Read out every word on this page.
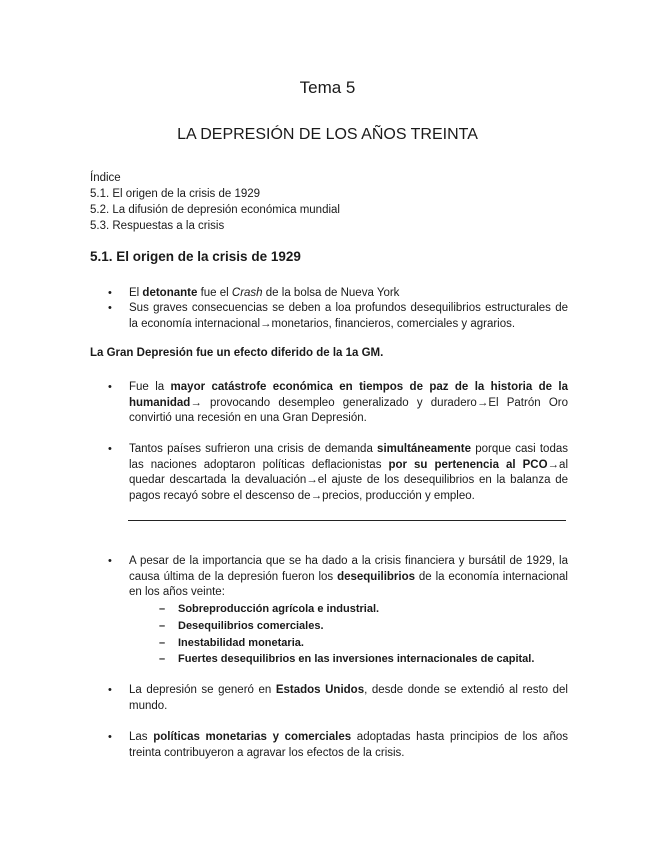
Tema 5
LA DEPRESIÓN DE LOS AÑOS TREINTA
Índice
5.1. El origen de la crisis de 1929
5.2. La difusión de depresión económica mundial
5.3. Respuestas a la crisis
5.1. El origen de la crisis de 1929
• El detonante fue el Crash de la bolsa de Nueva York
• Sus graves consecuencias se deben a loa profundos desequilibrios estructurales de la economía internacional→monetarios, financieros, comerciales y agrarios.
La Gran Depresión fue un efecto diferido de la 1a GM.
• Fue la mayor catástrofe económica en tiempos de paz de la historia de la humanidad→ provocando desempleo generalizado y duradero→El Patrón Oro convirtió una recesión en una Gran Depresión.
• Tantos países sufrieron una crisis de demanda simultáneamente porque casi todas las naciones adoptaron políticas deflacionistas por su pertenencia al PCO→al quedar descartada la devaluación→el ajuste de los desequilibrios en la balanza de pagos recayó sobre el descenso de→precios, producción y empleo.
• A pesar de la importancia que se ha dado a la crisis financiera y bursátil de 1929, la causa última de la depresión fueron los desequilibrios de la economía internacional en los años veinte:
– Sobreproducción agrícola e industrial.
– Desequilibrios comerciales.
– Inestabilidad monetaria.
– Fuertes desequilibrios en las inversiones internacionales de capital.
• La depresión se generó en Estados Unidos, desde donde se extendió al resto del mundo.
• Las políticas monetarias y comerciales adoptadas hasta principios de los años treinta contribuyeron a agravar los efectos de la crisis.
